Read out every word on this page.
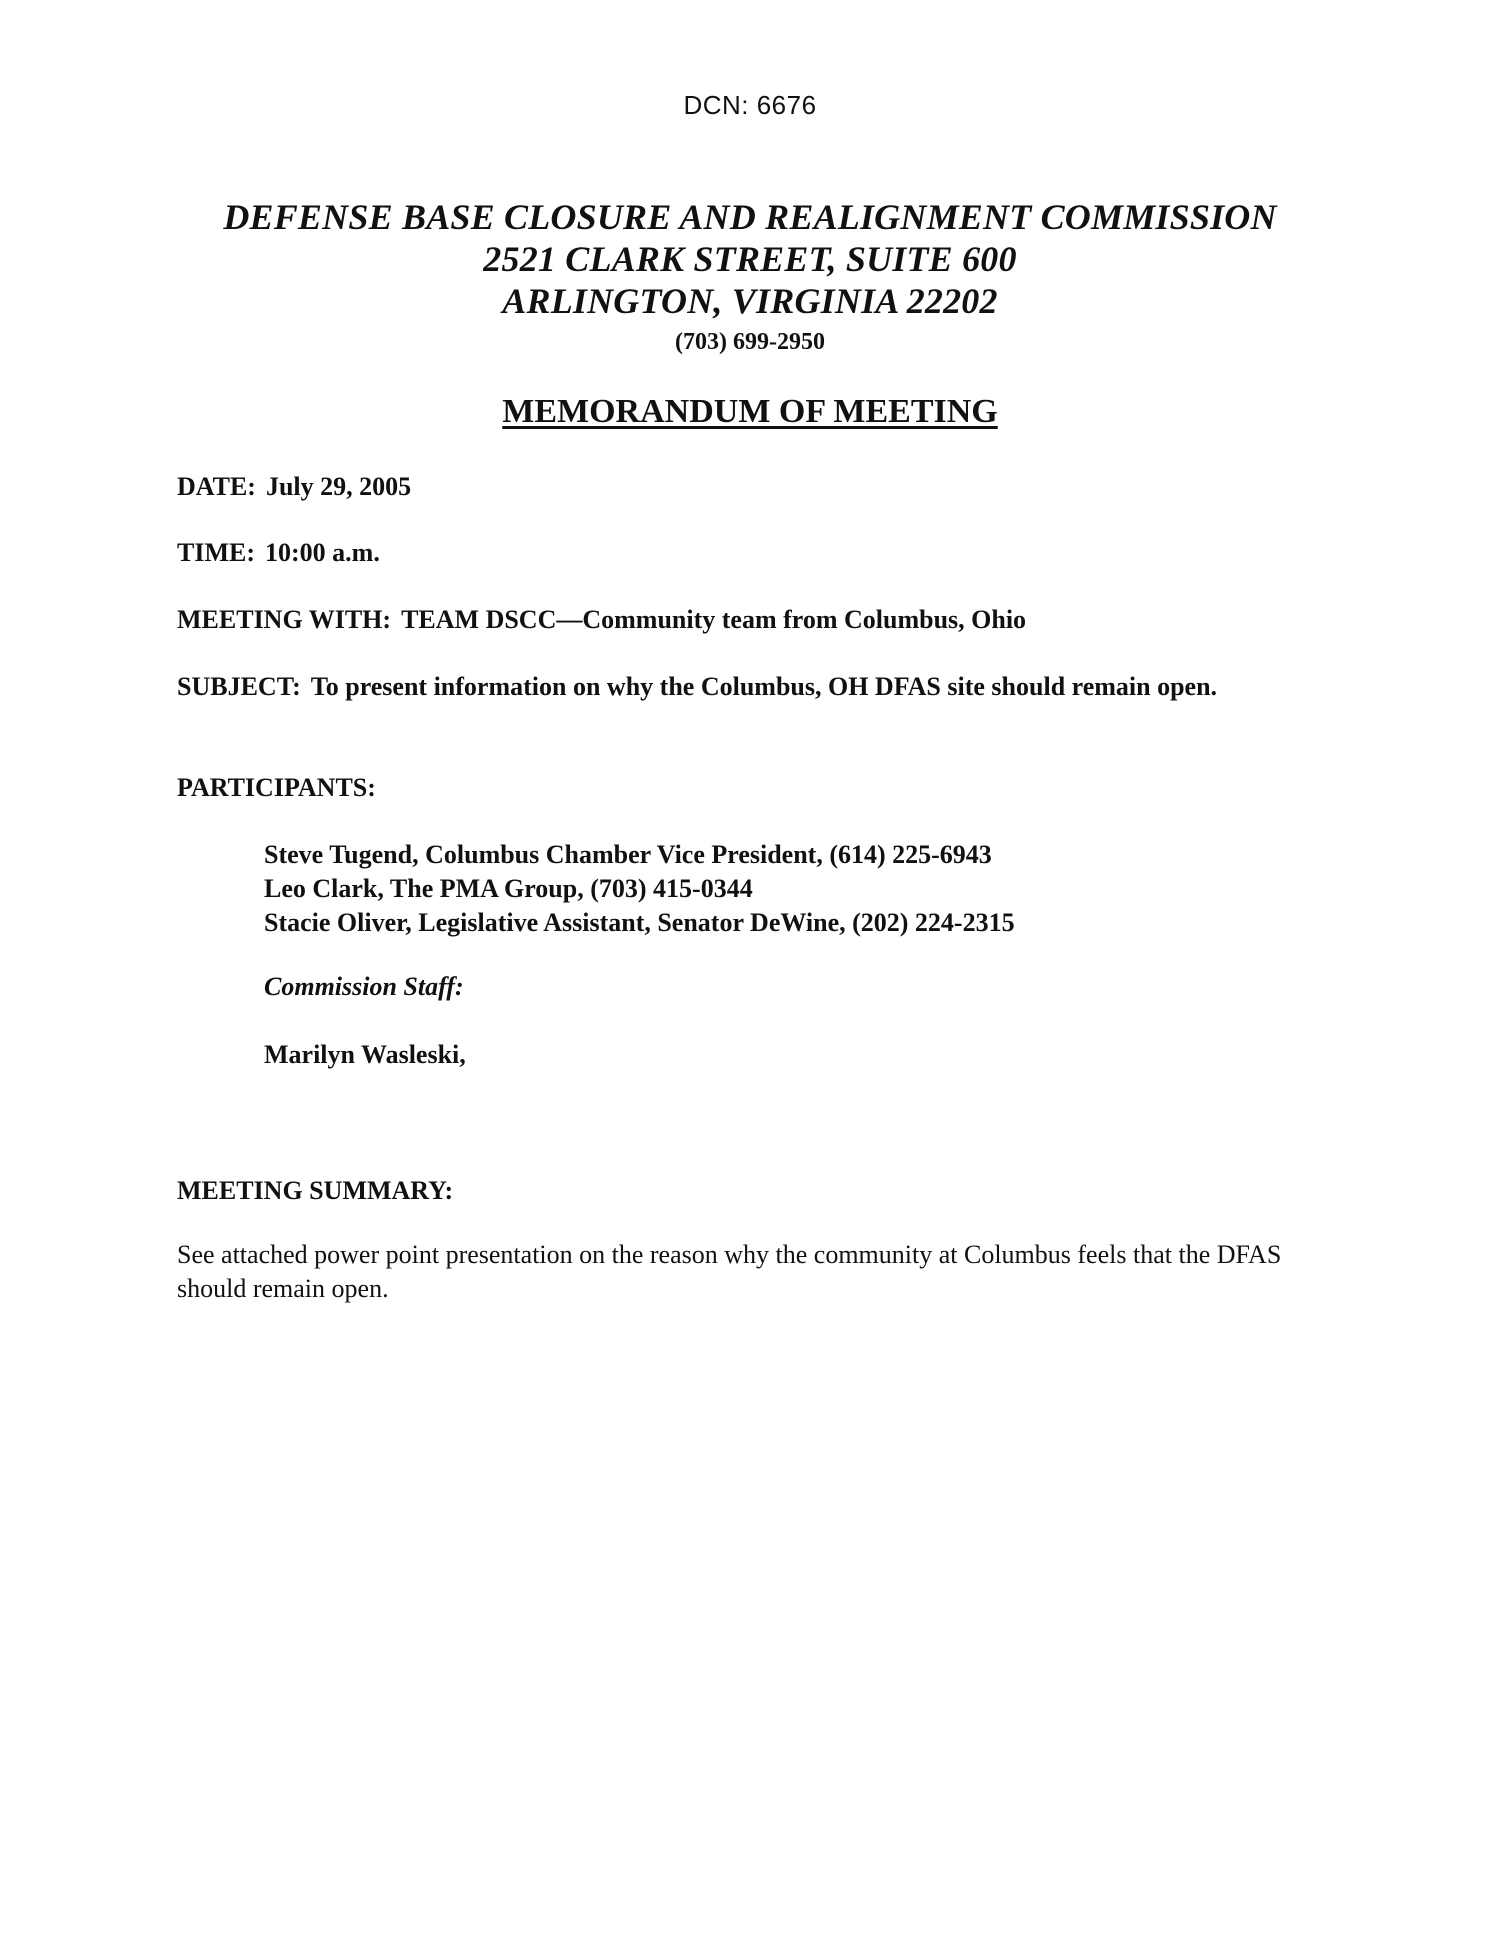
DCN: 6676
DEFENSE BASE CLOSURE AND REALIGNMENT COMMISSION
2521 CLARK STREET, SUITE 600
ARLINGTON, VIRGINIA 22202
(703) 699-2950
MEMORANDUM OF MEETING
DATE: July 29, 2005
TIME: 10:00 a.m.
MEETING WITH: TEAM DSCC—Community team from Columbus, Ohio
SUBJECT: To present information on why the Columbus, OH DFAS site should remain open.
PARTICIPANTS:
Steve Tugend, Columbus Chamber Vice President, (614) 225-6943
Leo Clark, The PMA Group, (703) 415-0344
Stacie Oliver, Legislative Assistant, Senator DeWine, (202) 224-2315
Commission Staff:
Marilyn Wasleski,
MEETING SUMMARY:
See attached power point presentation on the reason why the community at Columbus feels that the DFAS should remain open.
